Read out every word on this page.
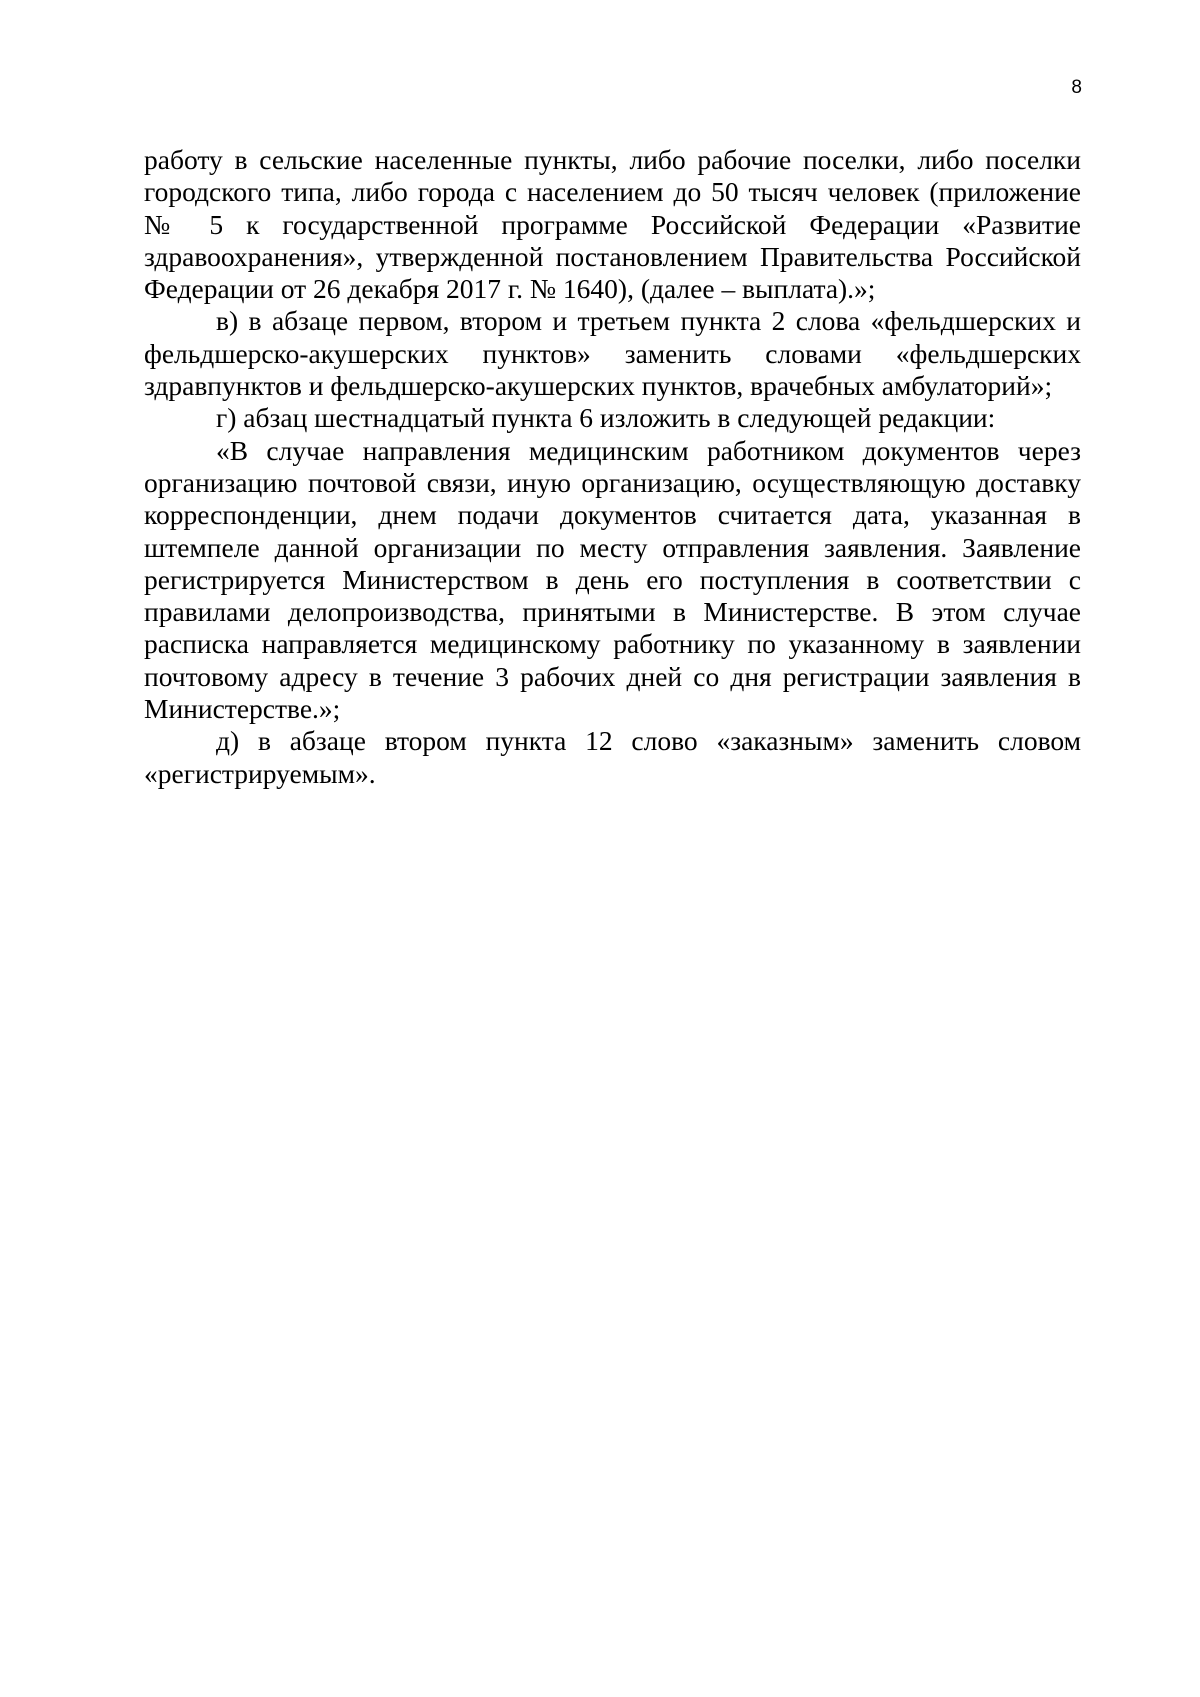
8

работу в сельские населенные пункты, либо рабочие поселки, либо поселки городского типа, либо города с населением до 50 тысяч человек (приложение № 5 к государственной программе Российской Федерации «Развитие здравоохранения», утвержденной постановлением Правительства Российской Федерации от 26 декабря 2017 г. № 1640), (далее – выплата).»;

в) в абзаце первом, втором и третьем пункта 2 слова «фельдшерских и фельдшерско-акушерских пунктов» заменить словами «фельдшерских здравпунктов и фельдшерско-акушерских пунктов, врачебных амбулаторий»;

г) абзац шестнадцатый пункта 6 изложить в следующей редакции:

«В случае направления медицинским работником документов через организацию почтовой связи, иную организацию, осуществляющую доставку корреспонденции, днем подачи документов считается дата, указанная в штемпеле данной организации по месту отправления заявления. Заявление регистрируется Министерством в день его поступления в соответствии с правилами делопроизводства, принятыми в Министерстве. В этом случае расписка направляется медицинскому работнику по указанному в заявлении почтовому адресу в течение 3 рабочих дней со дня регистрации заявления в Министерстве.»;

д) в абзаце втором пункта 12 слово «заказным» заменить словом «регистрируемым».
